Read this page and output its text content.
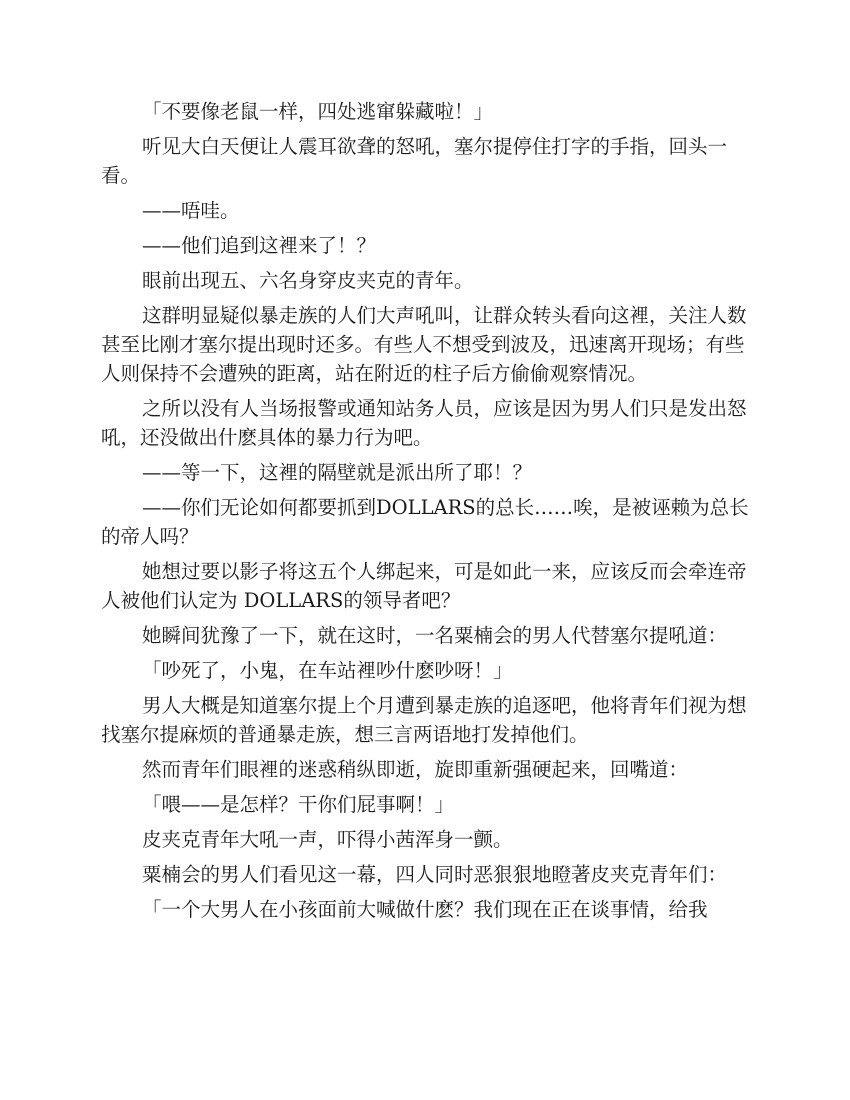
「不要像老鼠一样，四处逃窜躲藏啦！」

听见大白天便让人震耳欲聋的怒吼，塞尔提停住打字的手指，回头一看。

——唔哇。

——他们追到这裡来了！？

眼前出现五、六名身穿皮夹克的青年。

这群明显疑似暴走族的人们大声吼叫，让群众转头看向这裡，关注人数甚至比刚才塞尔提出现时还多。有些人不想受到波及，迅速离开现场；有些人则保持不会遭殃的距离，站在附近的柱子后方偷偷观察情况。

之所以没有人当场报警或通知站务人员，应该是因为男人们只是发出怒吼，还没做出什麽具体的暴力行为吧。

——等一下，这裡的隔壁就是派出所了耶！？

——你们无论如何都要抓到DOLLARS的总长……唉，是被诬赖为总长的帝人吗？

她想过要以影子将这五个人绑起来，可是如此一来，应该反而会牵连帝人被他们认定为 DOLLARS的领导者吧？

她瞬间犹豫了一下，就在这时，一名粟楠会的男人代替塞尔提吼道：

「吵死了，小鬼，在车站裡吵什麽吵呀！」

男人大概是知道塞尔提上个月遭到暴走族的追逐吧，他将青年们视为想找塞尔提麻烦的普通暴走族，想三言两语地打发掉他们。

然而青年们眼裡的迷惑稍纵即逝，旋即重新强硬起来，回嘴道：

「喂——是怎样？干你们屁事啊！」

皮夹克青年大吼一声，吓得小茜浑身一颤。

粟楠会的男人们看见这一幕，四人同时恶狠狠地瞪著皮夹克青年们：

「一个大男人在小孩面前大喊做什麽？我们现在正在谈事情，给我
